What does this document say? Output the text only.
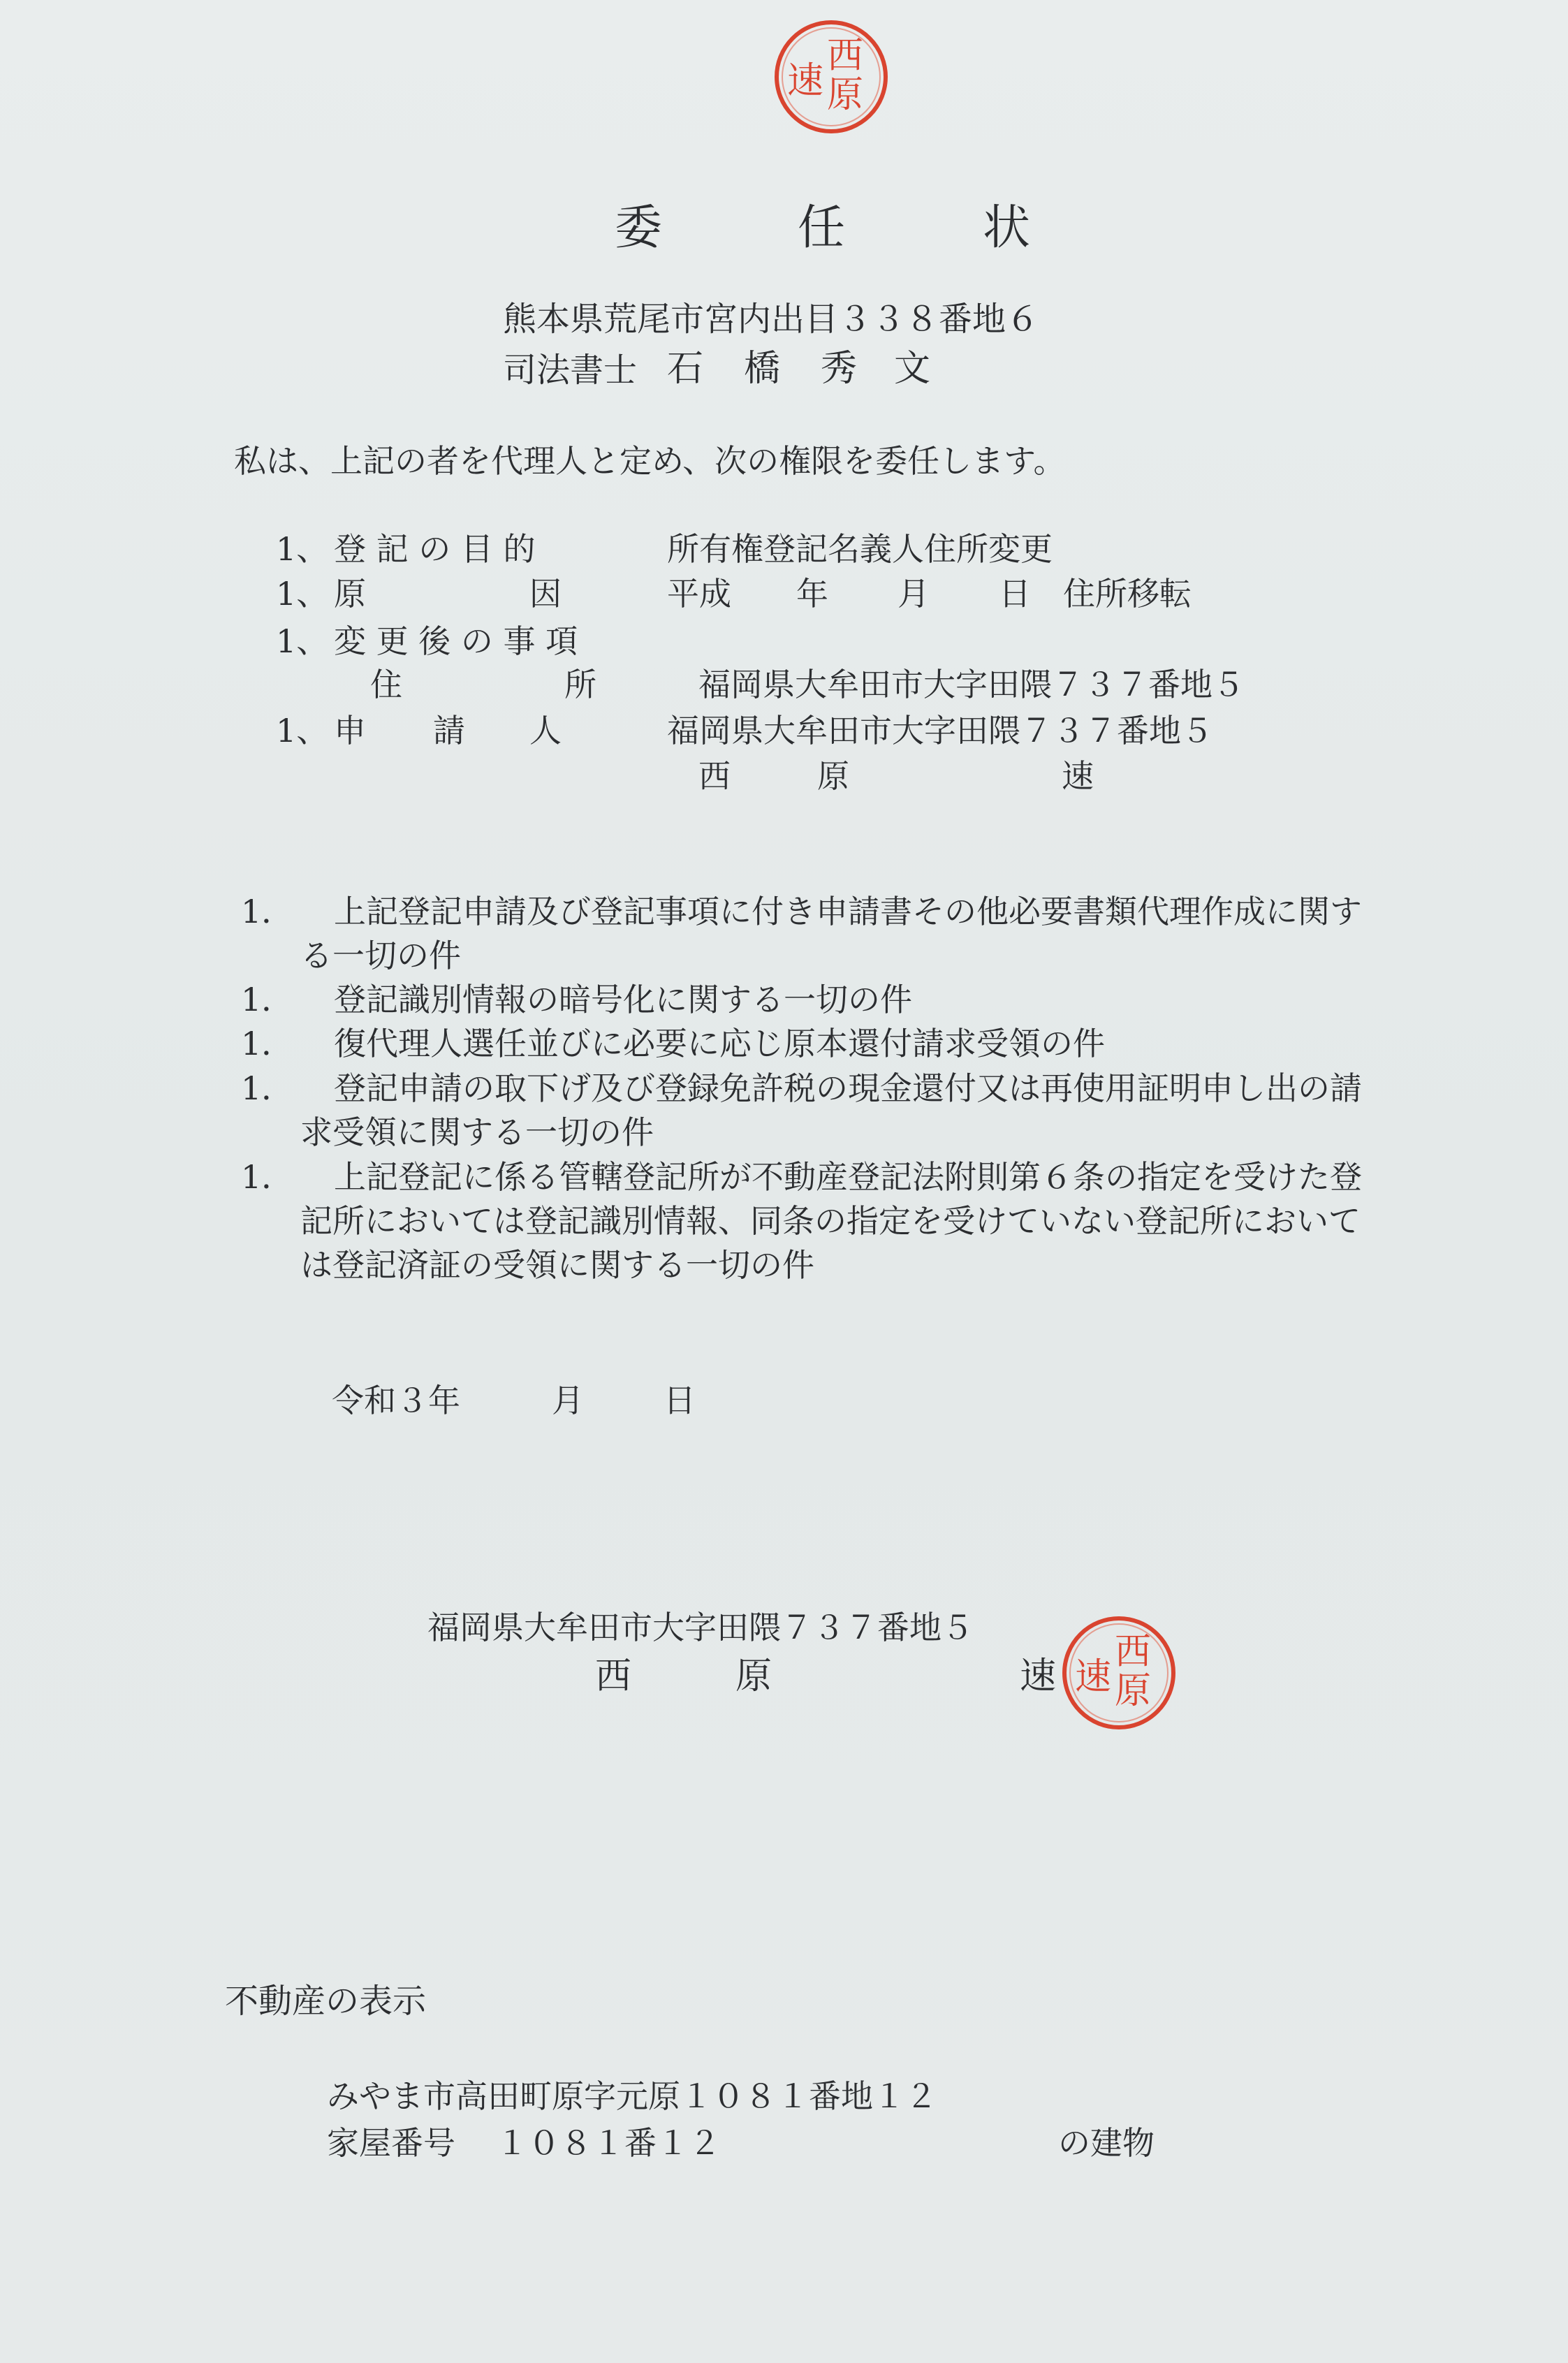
西
原
速
委	任	状
熊本県荒尾市宮内出目３３８番地６
司法書士 石 橋 秀 文
私は、上記の者を代理人と定め、次の権限を委任します。
1、 登 記 の 目 的	所有権登記名義人住所変更
1、 原	因	平成 年 月 日 住所移転
1、 変 更 後 の 事 項
住	所	福岡県大牟田市大字田隈７３７番地５
1、 申 請 人	福岡県大牟田市大字田隈７３７番地５
西	原	速
1． 上記登記申請及び登記事項に付き申請書その他必要書類代理作成に関す
る一切の件
1． 登記識別情報の暗号化に関する一切の件
1． 復代理人選任並びに必要に応じ原本還付請求受領の件
1． 登記申請の取下げ及び登録免許税の現金還付又は再使用証明申し出の請
求受領に関する一切の件
1． 上記登記に係る管轄登記所が不動産登記法附則第６条の指定を受けた登
記所においては登記識別情報、同条の指定を受けていない登記所において
は登記済証の受領に関する一切の件
令和３年	月 日
福岡県大牟田市大字田隈７３７番地５
西	原	速
西
原
速
不動産の表示
みやま市高田町原字元原１０８１番地１２
家屋番号 １０８１番１２	の建物
